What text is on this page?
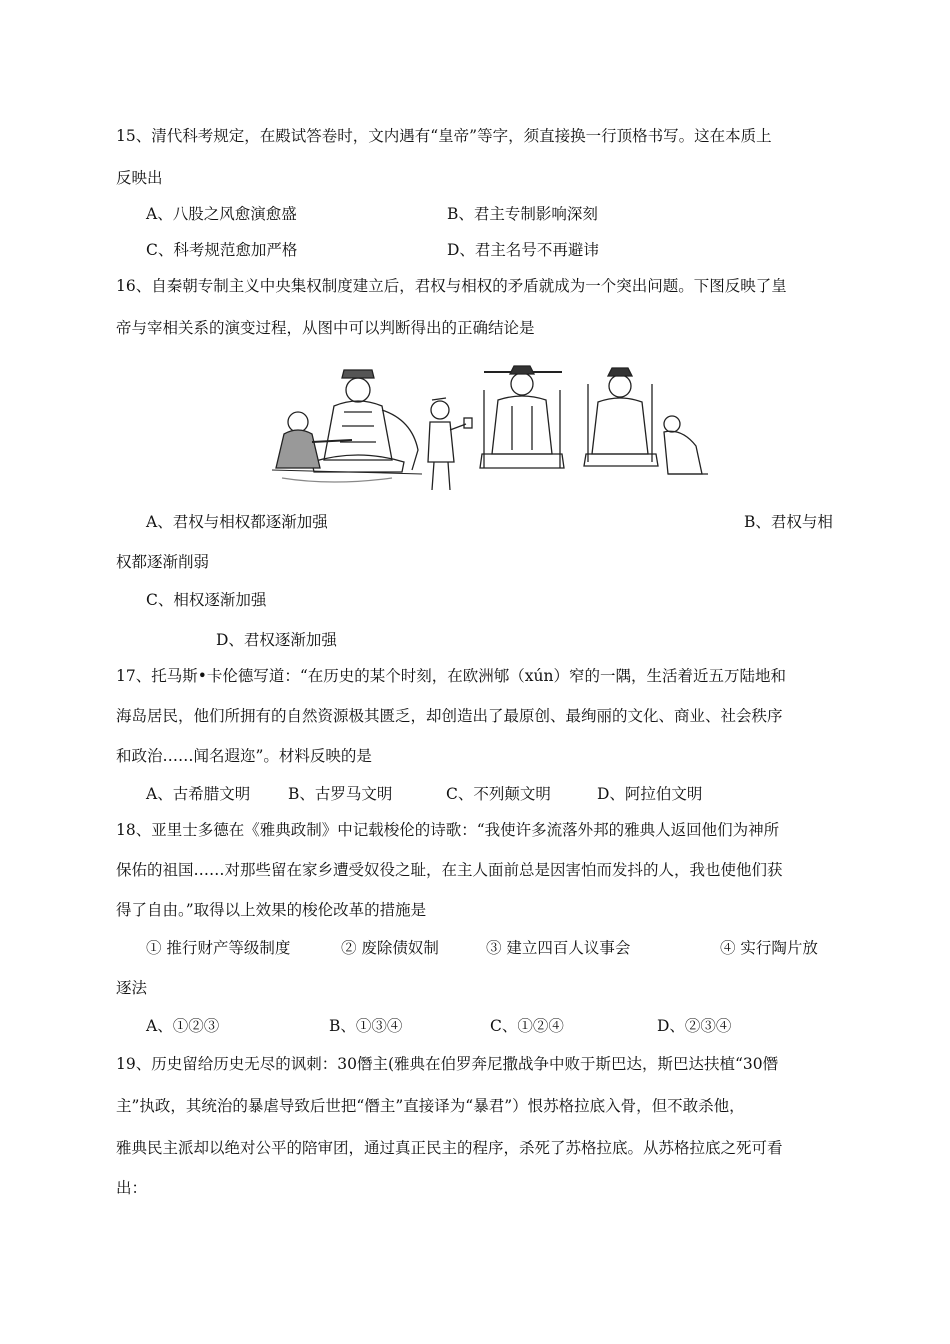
15、清代科考规定，在殿试答卷时，文内遇有“皇帝”等字，须直接换一行顶格书写。这在本质上
反映出
A、八股之风愈演愈盛	B、君主专制影响深刻
C、科考规范愈加严格	D、君主名号不再避讳
16、自秦朝专制主义中央集权制度建立后，君权与相权的矛盾就成为一个突出问题。下图反映了皇
帝与宰相关系的演变过程，从图中可以判断得出的正确结论是
A、君权与相权都逐渐加强	B、君权与相
权都逐渐削弱
C、相权逐渐加强
D、君权逐渐加强
17、托马斯•卡伦德写道：“在历史的某个时刻，在欧洲郇（xún）窄的一隅，生活着近五万陆地和
海岛居民，他们所拥有的自然资源极其匮乏，却创造出了最原创、最绚丽的文化、商业、社会秩序
和政治……闻名遐迩”。材料反映的是
A、古希腊文明 B、古罗马文明	C、不列颠文明	D、阿拉伯文明
18、亚里士多德在《雅典政制》中记载梭伦的诗歌：“我使许多流落外邦的雅典人返回他们为神所
保佑的祖国……对那些留在家乡遭受奴役之耻，在主人面前总是因害怕而发抖的人，我也使他们获
得了自由。”取得以上效果的梭伦改革的措施是
① 推行财产等级制度	② 废除债奴制	③ 建立四百人议事会	④ 实行陶片放
逐法
A、①②③	B、①③④	C、①②④	D、②③④
19、历史留给历史无尽的讽刺：30僭主(雅典在伯罗奔尼撒战争中败于斯巴达，斯巴达扶植“30僭
主”执政，其统治的暴虐导致后世把“僭主”直接译为“暴君”）恨苏格拉底入骨，但不敢杀他，
雅典民主派却以绝对公平的陪审团，通过真正民主的程序，杀死了苏格拉底。从苏格拉底之死可看
出：
